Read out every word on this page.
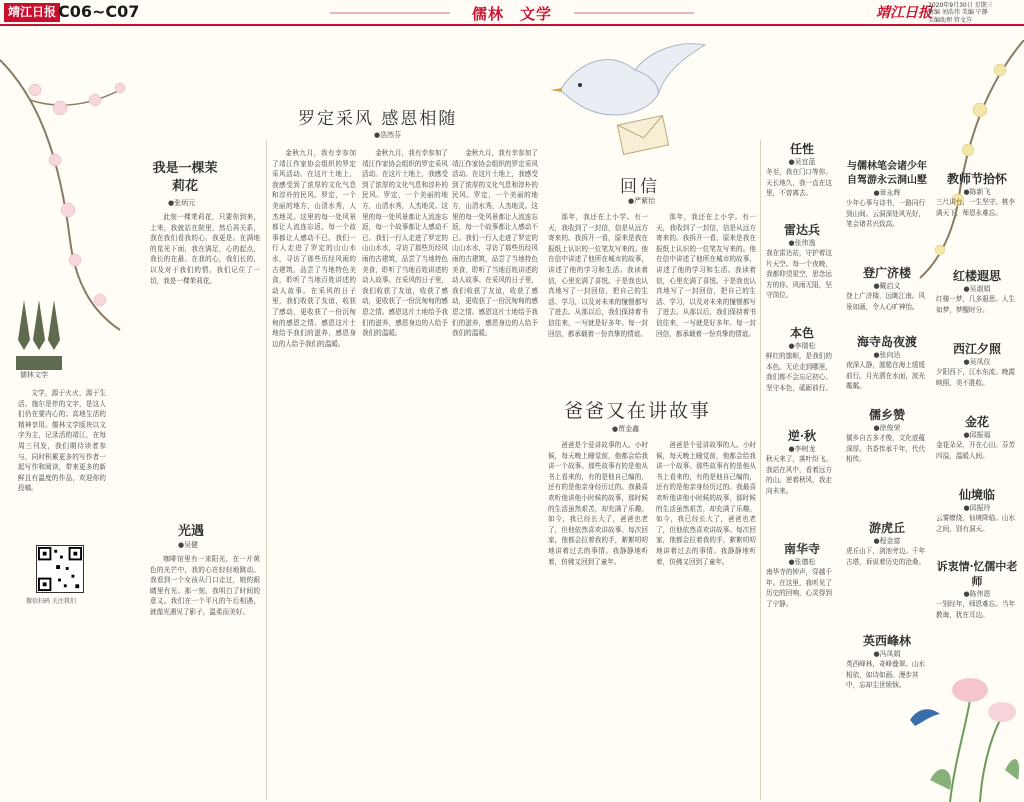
靖江日报 C06~C07	儒林　文学	靖江日报
2020年9月30日 星期三
责编 刘浩伟 美编 宁静
美编助理 管文芬
我是一棵茉莉花
●张炳元

此刻一棵茉莉花，只要你到来，上来，我就站在院里，然后再关系，我在我们看我的心，我更是。在满地的星光下面，我在满足，心的起点，我长的在最。在我的心，我们长的，以及对于我们的情。我们记住了一切，我是一棵茉莉花。

儒林文学

文学，源于火火，源于生活。施尔是伴的文字，是这人们仍在要内心的；高地生活的精神享用。儒林文学版块以文字为主，记录活的靖江，在每周三刊发，我们期待读者参与，同时积累更多的写作者一起写作和阅读，带来更多的新鲜且有温度的作品，欢迎你的投稿。

光遇
●吴健

咖啡馆里有一束阳光，在一片黄色的光芒中，我的心在轻轻地跳动。我看到一个女孩从门口走过，她的眼睛里有光。那一刻，我明白了时间的意义。我们在一个平凡的午后相遇，就像光遇见了影子，温柔而美好。

微信扫码 关注我们
罗定采风 感恩相随
●浩然芬

金秋九月，我有幸参加了靖江作家协会组织的罗定采风活动。在这片土地上，我感受到了浓厚的文化气息和淳朴的民风。罗定，一个美丽的地方，山清水秀，人杰地灵。这里的每一处风景都让人流连忘返，每一个故事都让人感动不已。我们一行人走进了罗定的山山水水，寻访了那些历经风雨的古建筑，品尝了当地特色美食，聆听了当地百姓讲述的动人故事。在采风的日子里，我们收获了友谊，收获了感动，更收获了一份沉甸甸的感恩之情。感恩这片土地给予我们的滋养，感恩身边的人给予我们的温暖。

金秋九月，我有幸参加了靖江作家协会组织的罗定采风活动。在这片土地上，我感受到了浓厚的文化气息和淳朴的民风。罗定，一个美丽的地方，山清水秀，人杰地灵。这里的每一处风景都让人流连忘返，每一个故事都让人感动不已。我们一行人走进了罗定的山山水水，寻访了那些历经风雨的古建筑，品尝了当地特色美食，聆听了当地百姓讲述的动人故事。在采风的日子里，我们收获了友谊，收获了感动，更收获了一份沉甸甸的感恩之情。感恩这片土地给予我们的滋养，感恩身边的人给予我们的温暖。

金秋九月，我有幸参加了靖江作家协会组织的罗定采风活动。在这片土地上，我感受到了浓厚的文化气息和淳朴的民风。罗定，一个美丽的地方，山清水秀，人杰地灵。这里的每一处风景都让人流连忘返，每一个故事都让人感动不已。我们一行人走进了罗定的山山水水，寻访了那些历经风雨的古建筑，品尝了当地特色美食，聆听了当地百姓讲述的动人故事。在采风的日子里，我们收获了友谊，收获了感动，更收获了一份沉甸甸的感恩之情。感恩这片土地给予我们的滋养，感恩身边的人给予我们的温暖。

回信
●严紫怡

那年，我还在上小学。有一天，我收到了一封信，信是从远方寄来的。我拆开一看，原来是我在报纸上认识的一位笔友写来的。他在信中讲述了他所在城市的故事，讲述了他的学习和生活。我读着信，心里充满了喜悦。于是我也认真地写了一封回信，把自己的生活、学习，以及对未来的憧憬都写了进去。从那以后，我们保持着书信往来，一写就是好多年。每一封回信，都承载着一份真挚的情谊。

那年，我还在上小学。有一天，我收到了一封信，信是从远方寄来的。我拆开一看，原来是我在报纸上认识的一位笔友写来的。他在信中讲述了他所在城市的故事，讲述了他的学习和生活。我读着信，心里充满了喜悦。于是我也认真地写了一封回信，把自己的生活、学习，以及对未来的憧憬都写了进去。从那以后，我们保持着书信往来，一写就是好多年。每一封回信，都承载着一份真挚的情谊。

爸爸又在讲故事
●贾金鑫

爸爸是个爱讲故事的人。小时候，每天晚上睡觉前，他都会给我讲一个故事。那些故事有的是他从书上看来的，有的是他自己编的，还有的是他亲身经历过的。我最喜欢听他讲他小时候的故事，那时候的生活虽然艰苦，却充满了乐趣。如今，我已经长大了，爸爸也老了，但他依然喜欢讲故事。每次回家，他都会拉着我的手，絮絮叨叨地讲着过去的事情。我静静地听着，仿佛又回到了童年。

爸爸是个爱讲故事的人。小时候，每天晚上睡觉前，他都会给我讲一个故事。那些故事有的是他从书上看来的，有的是他自己编的，还有的是他亲身经历过的。我最喜欢听他讲他小时候的故事，那时候的生活虽然艰苦，却充满了乐趣。如今，我已经长大了，爸爸也老了，但他依然喜欢讲故事。每次回家，他都会拉着我的手，絮絮叨叨地讲着过去的事情。我静静地听着，仿佛又回到了童年。

任性
●吴宜蓝
冬至，我在门口等你。天长地久，我一直在这里，不曾离去。
雷达兵
●张伟逸
我在雷达站，守护着这片天空。每一个夜晚，我都仰望星空，思念远方的你。风雨无阻，坚守岗位。
本色
●李瑞松
鲜红的旗帜，是我们的本色。无论走到哪里，我们都不会忘记初心。坚守本色，砥砺前行。
逆·秋
●李树龙
秋天来了，落叶纷飞。我站在风中，看着远方的山。逆着秋风，我走向未来。
南华寺
●张德松
南华寺的钟声，穿越千年。在这里，我听见了历史的回响，心灵得到了宁静。
与儒林笔会诸少年自驾游永云洞山墅
●章永辉
少年心事与诗书，一路同行到山间。云洞深处风光好，笔会诸君兴致高。
登广济楼
●戴启义
登上广济楼，远眺江南。风景如画，令人心旷神怡。
海寺岛夜渡
●张向达
夜深人静，渡船在海上缓缓前行。月光洒在水面，波光粼粼。
儒乡赞
●徐俊荣
儒乡自古多才俊，文化底蕴深厚。书香传承千年，代代相传。
游虎丘
●程金富
虎丘山下，剑池旁边。千年古塔，诉说着历史的沧桑。
英西峰林
●冯凤娟
英西峰林，奇峰叠翠。山水相依，如诗如画。漫步其中，忘却尘世烦恼。
教师节拾怀
●陈新飞
三尺讲台，一生坚守。桃李满天下，师恩永难忘。
红楼遐思
●吴淑娟
红楼一梦，几多遐思。人生如梦，梦醒时分。
西江夕照
●吴凤仪
夕阳西下，江水东流。晚霞映照，美不胜收。
金花
●邱振福
金花朵朵，开在心田。芬芳四溢，温暖人间。
仙境临
●邱振玲
云雾缭绕，仙境降临。山水之间，别有洞天。
诉衷情·忆儒中老师
●陈伟恩
一别经年，师恩难忘。当年教诲，犹在耳边。
